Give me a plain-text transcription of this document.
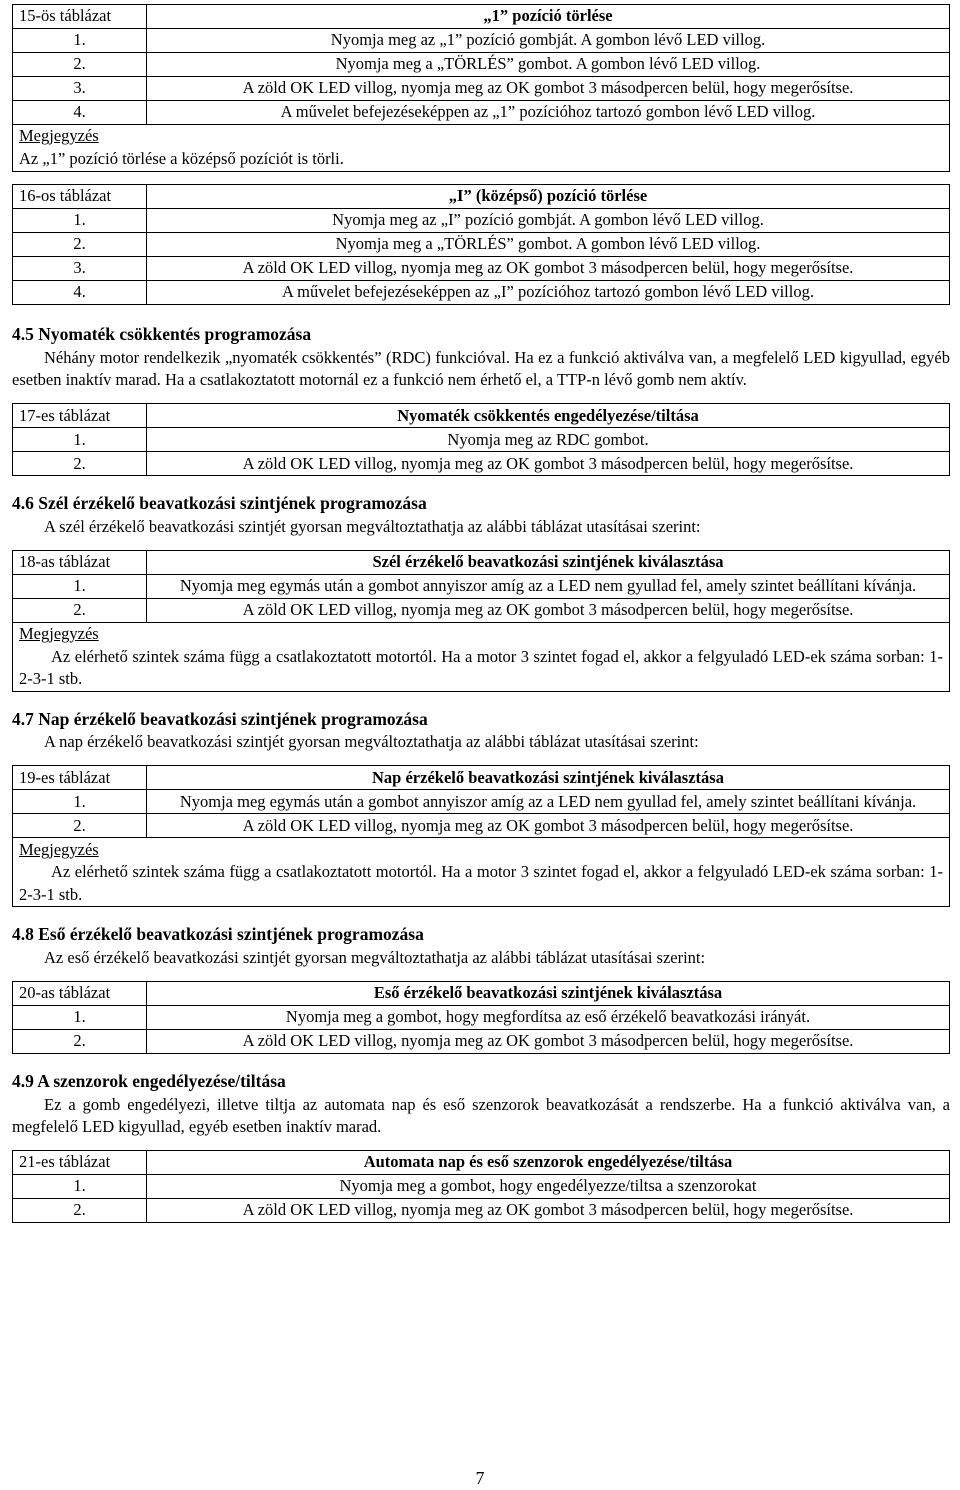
15-ös táblázat	„1” pozíció törlése
1.	Nyomja meg az „1” pozíció gombját. A gombon lévő LED villog.
2.	Nyomja meg a „TÖRLÉS” gombot. A gombon lévő LED villog.
3.	A zöld OK LED villog, nyomja meg az OK gombot 3 másodpercen belül, hogy megerősítse.
4.	A művelet befejezéseképpen az „1” pozícióhoz tartozó gombon lévő LED villog.
Megjegyzés	
Az „1” pozíció törlése a középső pozíciót is törli.	
16-os táblázat	„I” (középső) pozíció törlése
1.	Nyomja meg az „I” pozíció gombját. A gombon lévő LED villog.
2.	Nyomja meg a „TÖRLÉS” gombot. A gombon lévő LED villog.
3.	A zöld OK LED villog, nyomja meg az OK gombot 3 másodpercen belül, hogy megerősítse.
4.	A művelet befejezéseképpen az „I” pozícióhoz tartozó gombon lévő LED villog.
4.5 Nyomaték csökkentés programozása

Néhány motor rendelkezik „nyomaték csökkentés” (RDC) funkcióval. Ha ez a funkció aktiválva van, a megfelelő LED kigyullad, egyéb esetben inaktív marad. Ha a csatlakoztatott motornál ez a funkció nem érhető el, a TTP-n lévő gomb nem aktív.

17-es táblázat	Nyomaték csökkentés engedélyezése/tiltása
1.	Nyomja meg az RDC gombot.
2.	A zöld OK LED villog, nyomja meg az OK gombot 3 másodpercen belül, hogy megerősítse.
4.6 Szél érzékelő beavatkozási szintjének programozása

A szél érzékelő beavatkozási szintjét gyorsan megváltoztathatja az alábbi táblázat utasításai szerint:

18-as táblázat	Szél érzékelő beavatkozási szintjének kiválasztása
1.	Nyomja meg egymás után a gombot annyiszor amíg az a LED nem gyullad fel, amely szintet beállítani kívánja.
2.	A zöld OK LED villog, nyomja meg az OK gombot 3 másodpercen belül, hogy megerősítse.
Megjegyzés	

Az elérhető szintek száma függ a csatlakoztatott motortól. Ha a motor 3 szintet fogad el, akkor a felgyuladó LED-ek száma sorban: 1-2-3-1 stb.	

4.7 Nap érzékelő beavatkozási szintjének programozása

A nap érzékelő beavatkozási szintjét gyorsan megváltoztathatja az alábbi táblázat utasításai szerint:

19-es táblázat	Nap érzékelő beavatkozási szintjének kiválasztása
1.	Nyomja meg egymás után a gombot annyiszor amíg az a LED nem gyullad fel, amely szintet beállítani kívánja.
2.	A zöld OK LED villog, nyomja meg az OK gombot 3 másodpercen belül, hogy megerősítse.
Megjegyzés	

Az elérhető szintek száma függ a csatlakoztatott motortól. Ha a motor 3 szintet fogad el, akkor a felgyuladó LED-ek száma sorban: 1-2-3-1 stb.	

4.8 Eső érzékelő beavatkozási szintjének programozása

Az eső érzékelő beavatkozási szintjét gyorsan megváltoztathatja az alábbi táblázat utasításai szerint:

20-as táblázat	Eső érzékelő beavatkozási szintjének kiválasztása
1.	Nyomja meg a gombot, hogy megfordítsa az eső érzékelő beavatkozási irányát.
2.	A zöld OK LED villog, nyomja meg az OK gombot 3 másodpercen belül, hogy megerősítse.
4.9 A szenzorok engedélyezése/tiltása

Ez a gomb engedélyezi, illetve tiltja az automata nap és eső szenzorok beavatkozását a rendszerbe. Ha a funkció aktiválva van, a megfelelő LED kigyullad, egyéb esetben inaktív marad.

21-es táblázat	Automata nap és eső szenzorok engedélyezése/tiltása
1.	Nyomja meg a gombot, hogy engedélyezze/tiltsa a szenzorokat
2.	A zöld OK LED villog, nyomja meg az OK gombot 3 másodpercen belül, hogy megerősítse.
7
